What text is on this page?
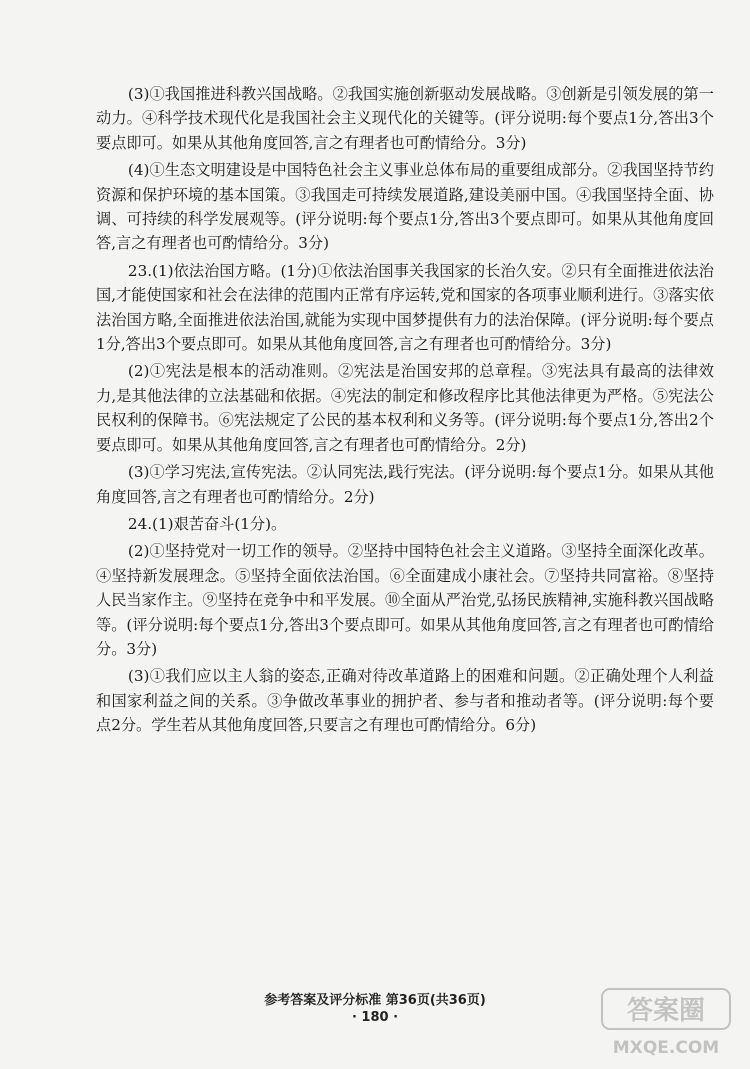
(3)①我国推进科教兴国战略。②我国实施创新驱动发展战略。③创新是引领发展的第一动力。④科学技术现代化是我国社会主义现代化的关键等。(评分说明:每个要点1分,答出3个要点即可。如果从其他角度回答,言之有理者也可酌情给分。3分)

(4)①生态文明建设是中国特色社会主义事业总体布局的重要组成部分。②我国坚持节约资源和保护环境的基本国策。③我国走可持续发展道路,建设美丽中国。④我国坚持全面、协调、可持续的科学发展观等。(评分说明:每个要点1分,答出3个要点即可。如果从其他角度回答,言之有理者也可酌情给分。3分)

23.(1)依法治国方略。(1分)①依法治国事关我国家的长治久安。②只有全面推进依法治国,才能使国家和社会在法律的范围内正常有序运转,党和国家的各项事业顺利进行。③落实依法治国方略,全面推进依法治国,就能为实现中国梦提供有力的法治保障。(评分说明:每个要点1分,答出3个要点即可。如果从其他角度回答,言之有理者也可酌情给分。3分)

(2)①宪法是根本的活动准则。②宪法是治国安邦的总章程。③宪法具有最高的法律效力,是其他法律的立法基础和依据。④宪法的制定和修改程序比其他法律更为严格。⑤宪法公民权利的保障书。⑥宪法规定了公民的基本权利和义务等。(评分说明:每个要点1分,答出2个要点即可。如果从其他角度回答,言之有理者也可酌情给分。2分)

(3)①学习宪法,宣传宪法。②认同宪法,践行宪法。(评分说明:每个要点1分。如果从其他角度回答,言之有理者也可酌情给分。2分)

24.(1)艰苦奋斗(1分)。

(2)①坚持党对一切工作的领导。②坚持中国特色社会主义道路。③坚持全面深化改革。④坚持新发展理念。⑤坚持全面依法治国。⑥全面建成小康社会。⑦坚持共同富裕。⑧坚持人民当家作主。⑨坚持在竞争中和平发展。⑩全面从严治党,弘扬民族精神,实施科教兴国战略等。(评分说明:每个要点1分,答出3个要点即可。如果从其他角度回答,言之有理者也可酌情给分。3分)

(3)①我们应以主人翁的姿态,正确对待改革道路上的困难和问题。②正确处理个人利益和国家利益之间的关系。③争做改革事业的拥护者、参与者和推动者等。(评分说明:每个要点2分。学生若从其他角度回答,只要言之有理也可酌情给分。6分)

参考答案及评分标准 第36页(共36页)
· 180 ·	答案圈
MXQE.COM
